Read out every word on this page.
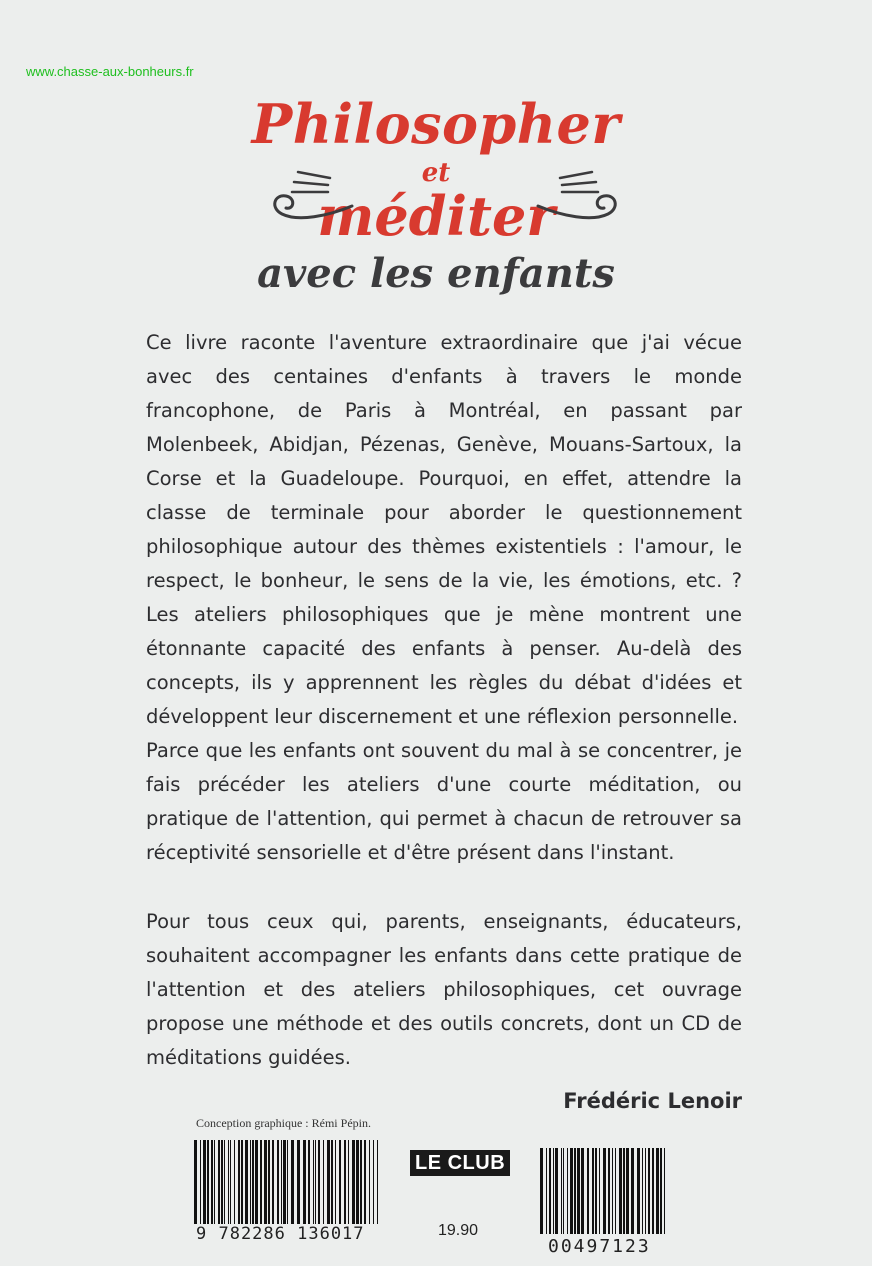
www.chasse-aux-bonheurs.fr
Philosopher
et
méditer
avec les enfants
Ce livre raconte l'aventure extraordinaire que j'ai vécue avec des centaines d'enfants à travers le monde francophone, de Paris à Montréal, en passant par Molenbeek, Abidjan, Pézenas, Genève, Mouans-Sartoux, la Corse et la Guadeloupe. Pourquoi, en effet, attendre la classe de terminale pour aborder le questionnement philosophique autour des thèmes existentiels : l'amour, le respect, le bonheur, le sens de la vie, les émotions, etc. ? Les ateliers philosophiques que je mène montrent une étonnante capacité des enfants à penser. Au-delà des concepts, ils y apprennent les règles du débat d'idées et développent leur discernement et une réflexion personnelle.
Parce que les enfants ont souvent du mal à se concentrer, je fais précéder les ateliers d'une courte méditation, ou pratique de l'attention, qui permet à chacun de retrouver sa réceptivité sensorielle et d'être présent dans l'instant.
Pour tous ceux qui, parents, enseignants, éducateurs, souhaitent accompagner les enfants dans cette pratique de l'attention et des ateliers philosophiques, cet ouvrage propose une méthode et des outils concrets, dont un CD de méditations guidées.
Frédéric Lenoir
Conception graphique : Rémi Pépin.
9 782286 136017
LE CLUB
19.90
00497123
